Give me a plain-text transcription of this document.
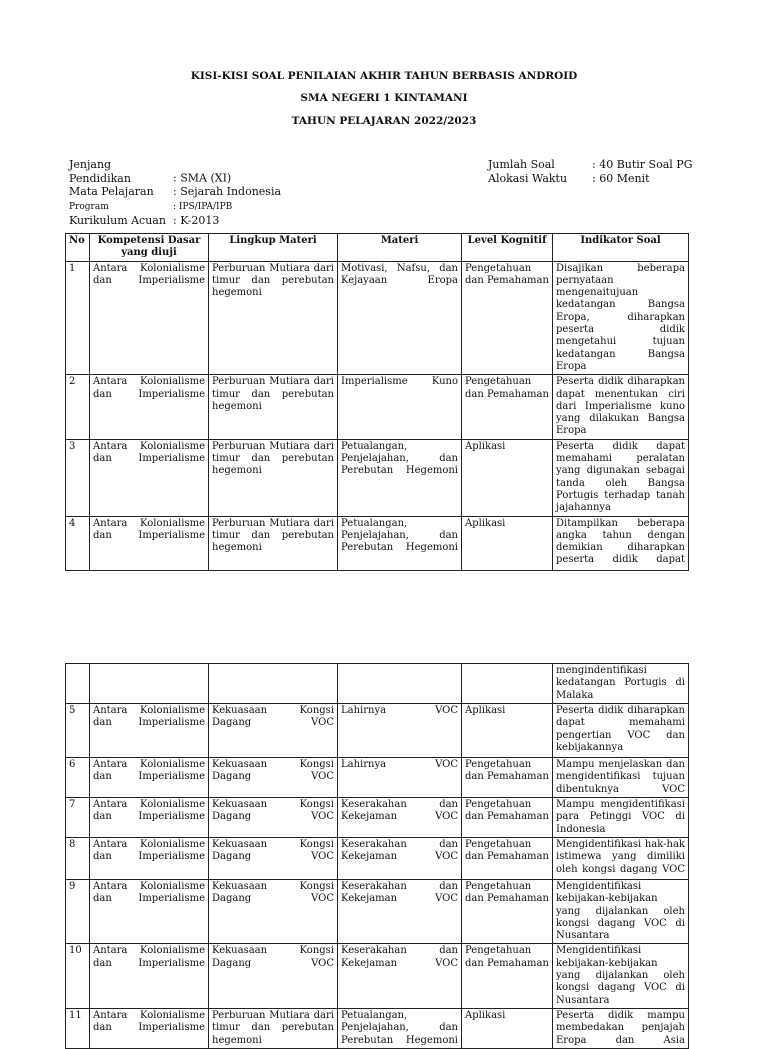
KISI-KISI SOAL PENILAIAN AKHIR TAHUN BERBASIS ANDROID
SMA NEGERI 1 KINTAMANI
TAHUN PELAJARAN 2022/2023
Jenjang Pendidikan	: SMA (XI)
Mata Pelajaran : Sejarah Indonesia
Program	: IPS/IPA/IPB
Kurikulum Acuan : K-2013
Jumlah Soal	: 40 Butir Soal PG
Alokasi Waktu : 60 Menit
No	Kompetensi Dasar yang diuji	Lingkup Materi	Materi	Level Kognitif	Indikator Soal
1	Antara Kolonialisme dan Imperialisme	Perburuan Mutiara dari timur dan perebutan hegemoni	Motivasi, Nafsu, dan Kejayaan Eropa	Pengetahuan dan Pemahaman	Disajikan beberapa pernyataan mengenaitujuan kedatangan Bangsa Eropa, diharapkan peserta didik mengetahui tujuan kedatangan Bangsa Eropa
2	Antara Kolonialisme dan Imperialisme	Perburuan Mutiara dari timur dan perebutan hegemoni	Imperialisme Kuno	Pengetahuan dan Pemahaman	Peserta didik diharapkan dapat menentukan ciri dari Imperialisme kuno yang dilakukan Bangsa Eropa
3	Antara Kolonialisme dan Imperialisme	Perburuan Mutiara dari timur dan perebutan hegemoni	Petualangan, Penjelajahan, dan Perebutan Hegemoni	Aplikasi	Peserta didik dapat memahami peralatan yang digunakan sebagai tanda oleh Bangsa Portugis terhadap tanah jajahannya
4	Antara Kolonialisme dan Imperialisme	Perburuan Mutiara dari timur dan perebutan hegemoni	Petualangan, Penjelajahan, dan Perebutan Hegemoni	Aplikasi	Ditampilkan beberapa angka tahun dengan demikian diharapkan peserta didik dapat
					mengindentifikasi kedatangan Portugis di Malaka
5	Antara Kolonialisme dan Imperialisme	Kekuasaan Kongsi Dagang VOC	Lahirnya VOC	Aplikasi	Peserta didik diharapkan dapat memahami pengertian VOC dan kebijakannya
6	Antara Kolonialisme dan Imperialisme	Kekuasaan Kongsi Dagang VOC	Lahirnya VOC	Pengetahuan dan Pemahaman	Mampu menjelaskan dan mengidentifikasi tujuan dibentuknya VOC
7	Antara Kolonialisme dan Imperialisme	Kekuasaan Kongsi Dagang VOC	Keserakahan dan Kekejaman VOC	Pengetahuan dan Pemahaman	Mampu mengidentifikasi para Petinggi VOC di Indonesia
8	Antara Kolonialisme dan Imperialisme	Kekuasaan Kongsi Dagang VOC	Keserakahan dan Kekejaman VOC	Pengetahuan dan Pemahaman	Mengidentifikasi hak-hak istimewa yang dimiliki oleh kongsi dagang VOC
9	Antara Kolonialisme dan Imperialisme	Kekuasaan Kongsi Dagang VOC	Keserakahan dan Kekejaman VOC	Pengetahuan dan Pemahaman	Mengidentifikasi kebijakan-kebijakan yang dijalankan oleh kongsi dagang VOC di Nusantara
10	Antara Kolonialisme dan Imperialisme	Kekuasaan Kongsi Dagang VOC	Keserakahan dan Kekejaman VOC	Pengetahuan dan Pemahaman	Mengidentifikasi kebijakan-kebijakan yang dijalankan oleh kongsi dagang VOC di Nusantara
11	Antara Kolonialisme dan Imperialisme	Perburuan Mutiara dari timur dan perebutan hegemoni	Petualangan, Penjelajahan, dan Perebutan Hegemoni	Aplikasi	Peserta didik mampu membedakan penjajah Eropa dan Asia
